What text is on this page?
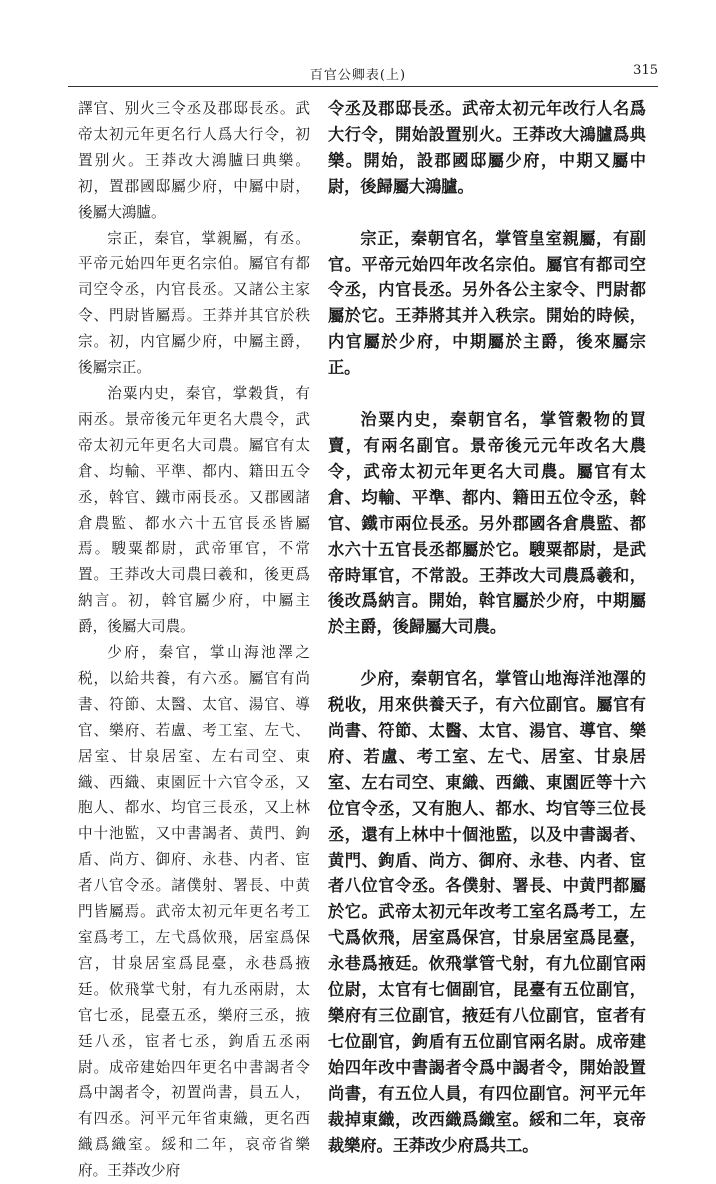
百官公卿表(上)	315

譯官、别火三令丞及郡邸長丞。武帝太初元年更名行人爲大行令，初置别火。王莽改大鴻臚曰典樂。初，置郡國邸屬少府，中屬中尉，後屬大鴻臚。

宗正，秦官，掌親屬，有丞。平帝元始四年更名宗伯。屬官有都司空令丞，内官長丞。又諸公主家令、門尉皆屬焉。王莽并其官於秩宗。初，内官屬少府，中屬主爵，後屬宗正。

治粟内史，秦官，掌穀貨，有兩丞。景帝後元年更名大農令，武帝太初元年更名大司農。屬官有太倉、均輸、平準、都内、籍田五令丞，斡官、鐵市兩長丞。又郡國諸倉農監、都水六十五官長丞皆屬焉。騪粟都尉，武帝軍官，不常置。王莽改大司農曰羲和，後更爲納言。初，斡官屬少府，中屬主爵，後屬大司農。

少府，秦官，掌山海池澤之税，以給共養，有六丞。屬官有尚書、符節、太醫、太官、湯官、導官、樂府、若盧、考工室、左弋、居室、甘泉居室、左右司空、東織、西織、東園匠十六官令丞，又胞人、都水、均官三長丞，又上林中十池監，又中書謁者、黄門、鉤盾、尚方、御府、永巷、内者、宦者八官令丞。諸僕射、署長、中黄門皆屬焉。武帝太初元年更名考工室爲考工，左弋爲佽飛，居室爲保宫，甘泉居室爲昆臺，永巷爲掖廷。佽飛掌弋射，有九丞兩尉，太官七丞，昆臺五丞，樂府三丞，掖廷八丞，宦者七丞，鉤盾五丞兩尉。成帝建始四年更名中書謁者令爲中謁者令，初置尚書，員五人，有四丞。河平元年省東織，更名西織爲織室。綏和二年，哀帝省樂府。王莽改少府

令丞及郡邸長丞。武帝太初元年改行人名爲大行令，開始設置别火。王莽改大鴻臚爲典樂。開始，設郡國邸屬少府，中期又屬中尉，後歸屬大鴻臚。

宗正，秦朝官名，掌管皇室親屬，有副官。平帝元始四年改名宗伯。屬官有都司空令丞，内官長丞。另外各公主家令、門尉都屬於它。王莽將其并入秩宗。開始的時候，内官屬於少府，中期屬於主爵，後來屬宗正。

治粟内史，秦朝官名，掌管穀物的買賣，有兩名副官。景帝後元元年改名大農令，武帝太初元年更名大司農。屬官有太倉、均輸、平準、都内、籍田五位令丞，斡官、鐵市兩位長丞。另外郡國各倉農監、都水六十五官長丞都屬於它。騪粟都尉，是武帝時軍官，不常設。王莽改大司農爲羲和，後改爲納言。開始，斡官屬於少府，中期屬於主爵，後歸屬大司農。

少府，秦朝官名，掌管山地海洋池澤的税收，用來供養天子，有六位副官。屬官有尚書、符節、太醫、太官、湯官、導官、樂府、若盧、考工室、左弋、居室、甘泉居室、左右司空、東織、西織、東園匠等十六位官令丞，又有胞人、都水、均官等三位長丞，還有上林中十個池監，以及中書謁者、黄門、鉤盾、尚方、御府、永巷、内者、宦者八位官令丞。各僕射、署長、中黄門都屬於它。武帝太初元年改考工室名爲考工，左弋爲佽飛，居室爲保宫，甘泉居室爲昆臺，永巷爲掖廷。佽飛掌管弋射，有九位副官兩位尉，太官有七個副官，昆臺有五位副官，樂府有三位副官，掖廷有八位副官，宦者有七位副官，鉤盾有五位副官兩名尉。成帝建始四年改中書謁者令爲中謁者令，開始設置尚書，有五位人員，有四位副官。河平元年裁掉東織，改西織爲織室。綏和二年，哀帝裁樂府。王莽改少府爲共工。
